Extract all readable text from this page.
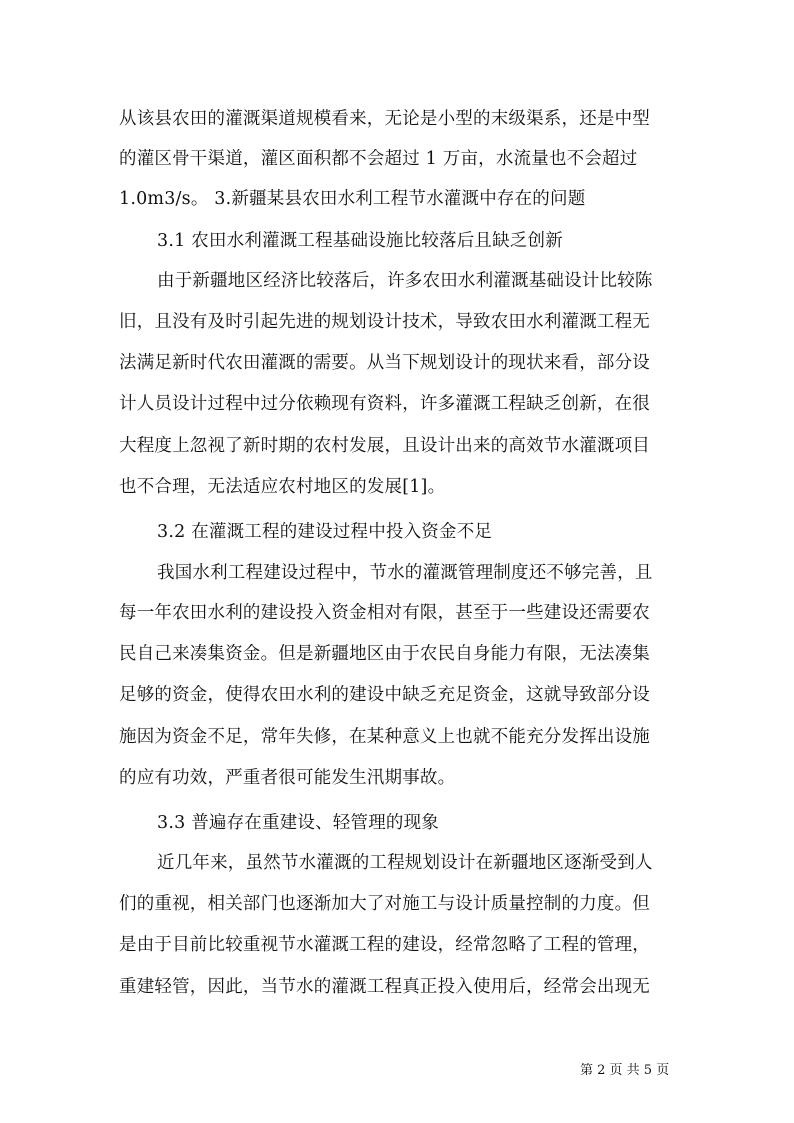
从该县农田的灌溉渠道规模看来，无论是小型的末级渠系，还是中型
的灌区骨干渠道，灌区面积都不会超过 1 万亩，水流量也不会超过
1.0m3/s。 3.新疆某县农田水利工程节水灌溉中存在的问题
3.1 农田水利灌溉工程基础设施比较落后且缺乏创新
由于新疆地区经济比较落后，许多农田水利灌溉基础设计比较陈
旧，且没有及时引起先进的规划设计技术，导致农田水利灌溉工程无
法满足新时代农田灌溉的需要。从当下规划设计的现状来看，部分设
计人员设计过程中过分依赖现有资料，许多灌溉工程缺乏创新，在很
大程度上忽视了新时期的农村发展，且设计出来的高效节水灌溉项目
也不合理，无法适应农村地区的发展[1]。
3.2 在灌溉工程的建设过程中投入资金不足
我国水利工程建设过程中，节水的灌溉管理制度还不够完善，且
每一年农田水利的建设投入资金相对有限，甚至于一些建设还需要农
民自己来凑集资金。但是新疆地区由于农民自身能力有限，无法凑集
足够的资金，使得农田水利的建设中缺乏充足资金，这就导致部分设
施因为资金不足，常年失修，在某种意义上也就不能充分发挥出设施
的应有功效，严重者很可能发生汛期事故。
3.3 普遍存在重建设、轻管理的现象
近几年来，虽然节水灌溉的工程规划设计在新疆地区逐渐受到人
们的重视，相关部门也逐渐加大了对施工与设计质量控制的力度。但
是由于目前比较重视节水灌溉工程的建设，经常忽略了工程的管理，
重建轻管，因此，当节水的灌溉工程真正投入使用后，经常会出现无
第 2 页 共 5 页
